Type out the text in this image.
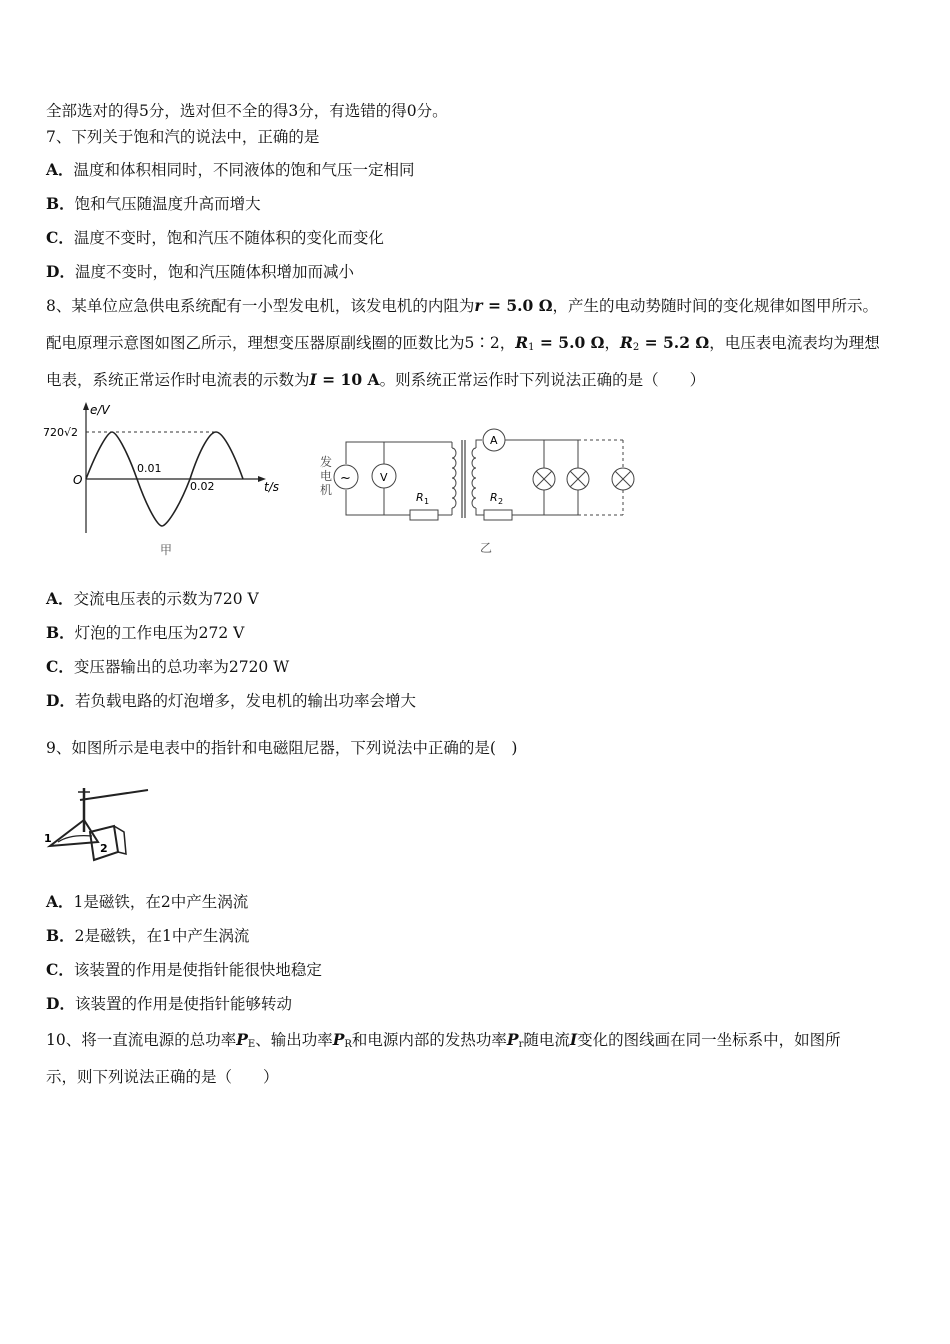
全部选对的得5分，选对但不全的得3分，有选错的得0分。
7、下列关于饱和汽的说法中，正确的是
A．温度和体积相同时，不同液体的饱和气压一定相同
B．饱和气压随温度升高而增大
C．温度不变时，饱和汽压不随体积的变化而变化
D．温度不变时，饱和汽压随体积增加而减小
8、某单位应急供电系统配有一小型发电机，该发电机的内阻为r = 5.0 Ω，产生的电动势随时间的变化规律如图甲所示。
配电原理示意图如图乙所示，理想变压器原副线圈的匝数比为5∶2，$R_1 = 5.0$ Ω，$R_2 = 5.2$ Ω，电压表电流表均为理想
电表，系统正常运作时电流表的示数为I = 10 A。则系统正常运作时下列说法正确的是（　　）
e/V
720√2
O
0.01
0.02	t/s
甲
发
电
机
~	V
R 1
A
R 2
乙
A．交流电压表的示数为720 V
B．灯泡的工作电压为272 V
C．变压器输出的总功率为2720 W
D．若负载电路的灯泡增多，发电机的输出功率会增大
9、如图所示是电表中的指针和电磁阻尼器，下列说法中正确的是(　)
1
2
A．1是磁铁，在2中产生涡流
B．2是磁铁，在1中产生涡流
C．该装置的作用是使指针能很快地稳定
D．该装置的作用是使指针能够转动
10、将一直流电源的总功率$P_E$、输出功率$P_R$和电源内部的发热功率$P_r$随电流I变化的图线画在同一坐标系中，如图所
示，则下列说法正确的是（　　）
